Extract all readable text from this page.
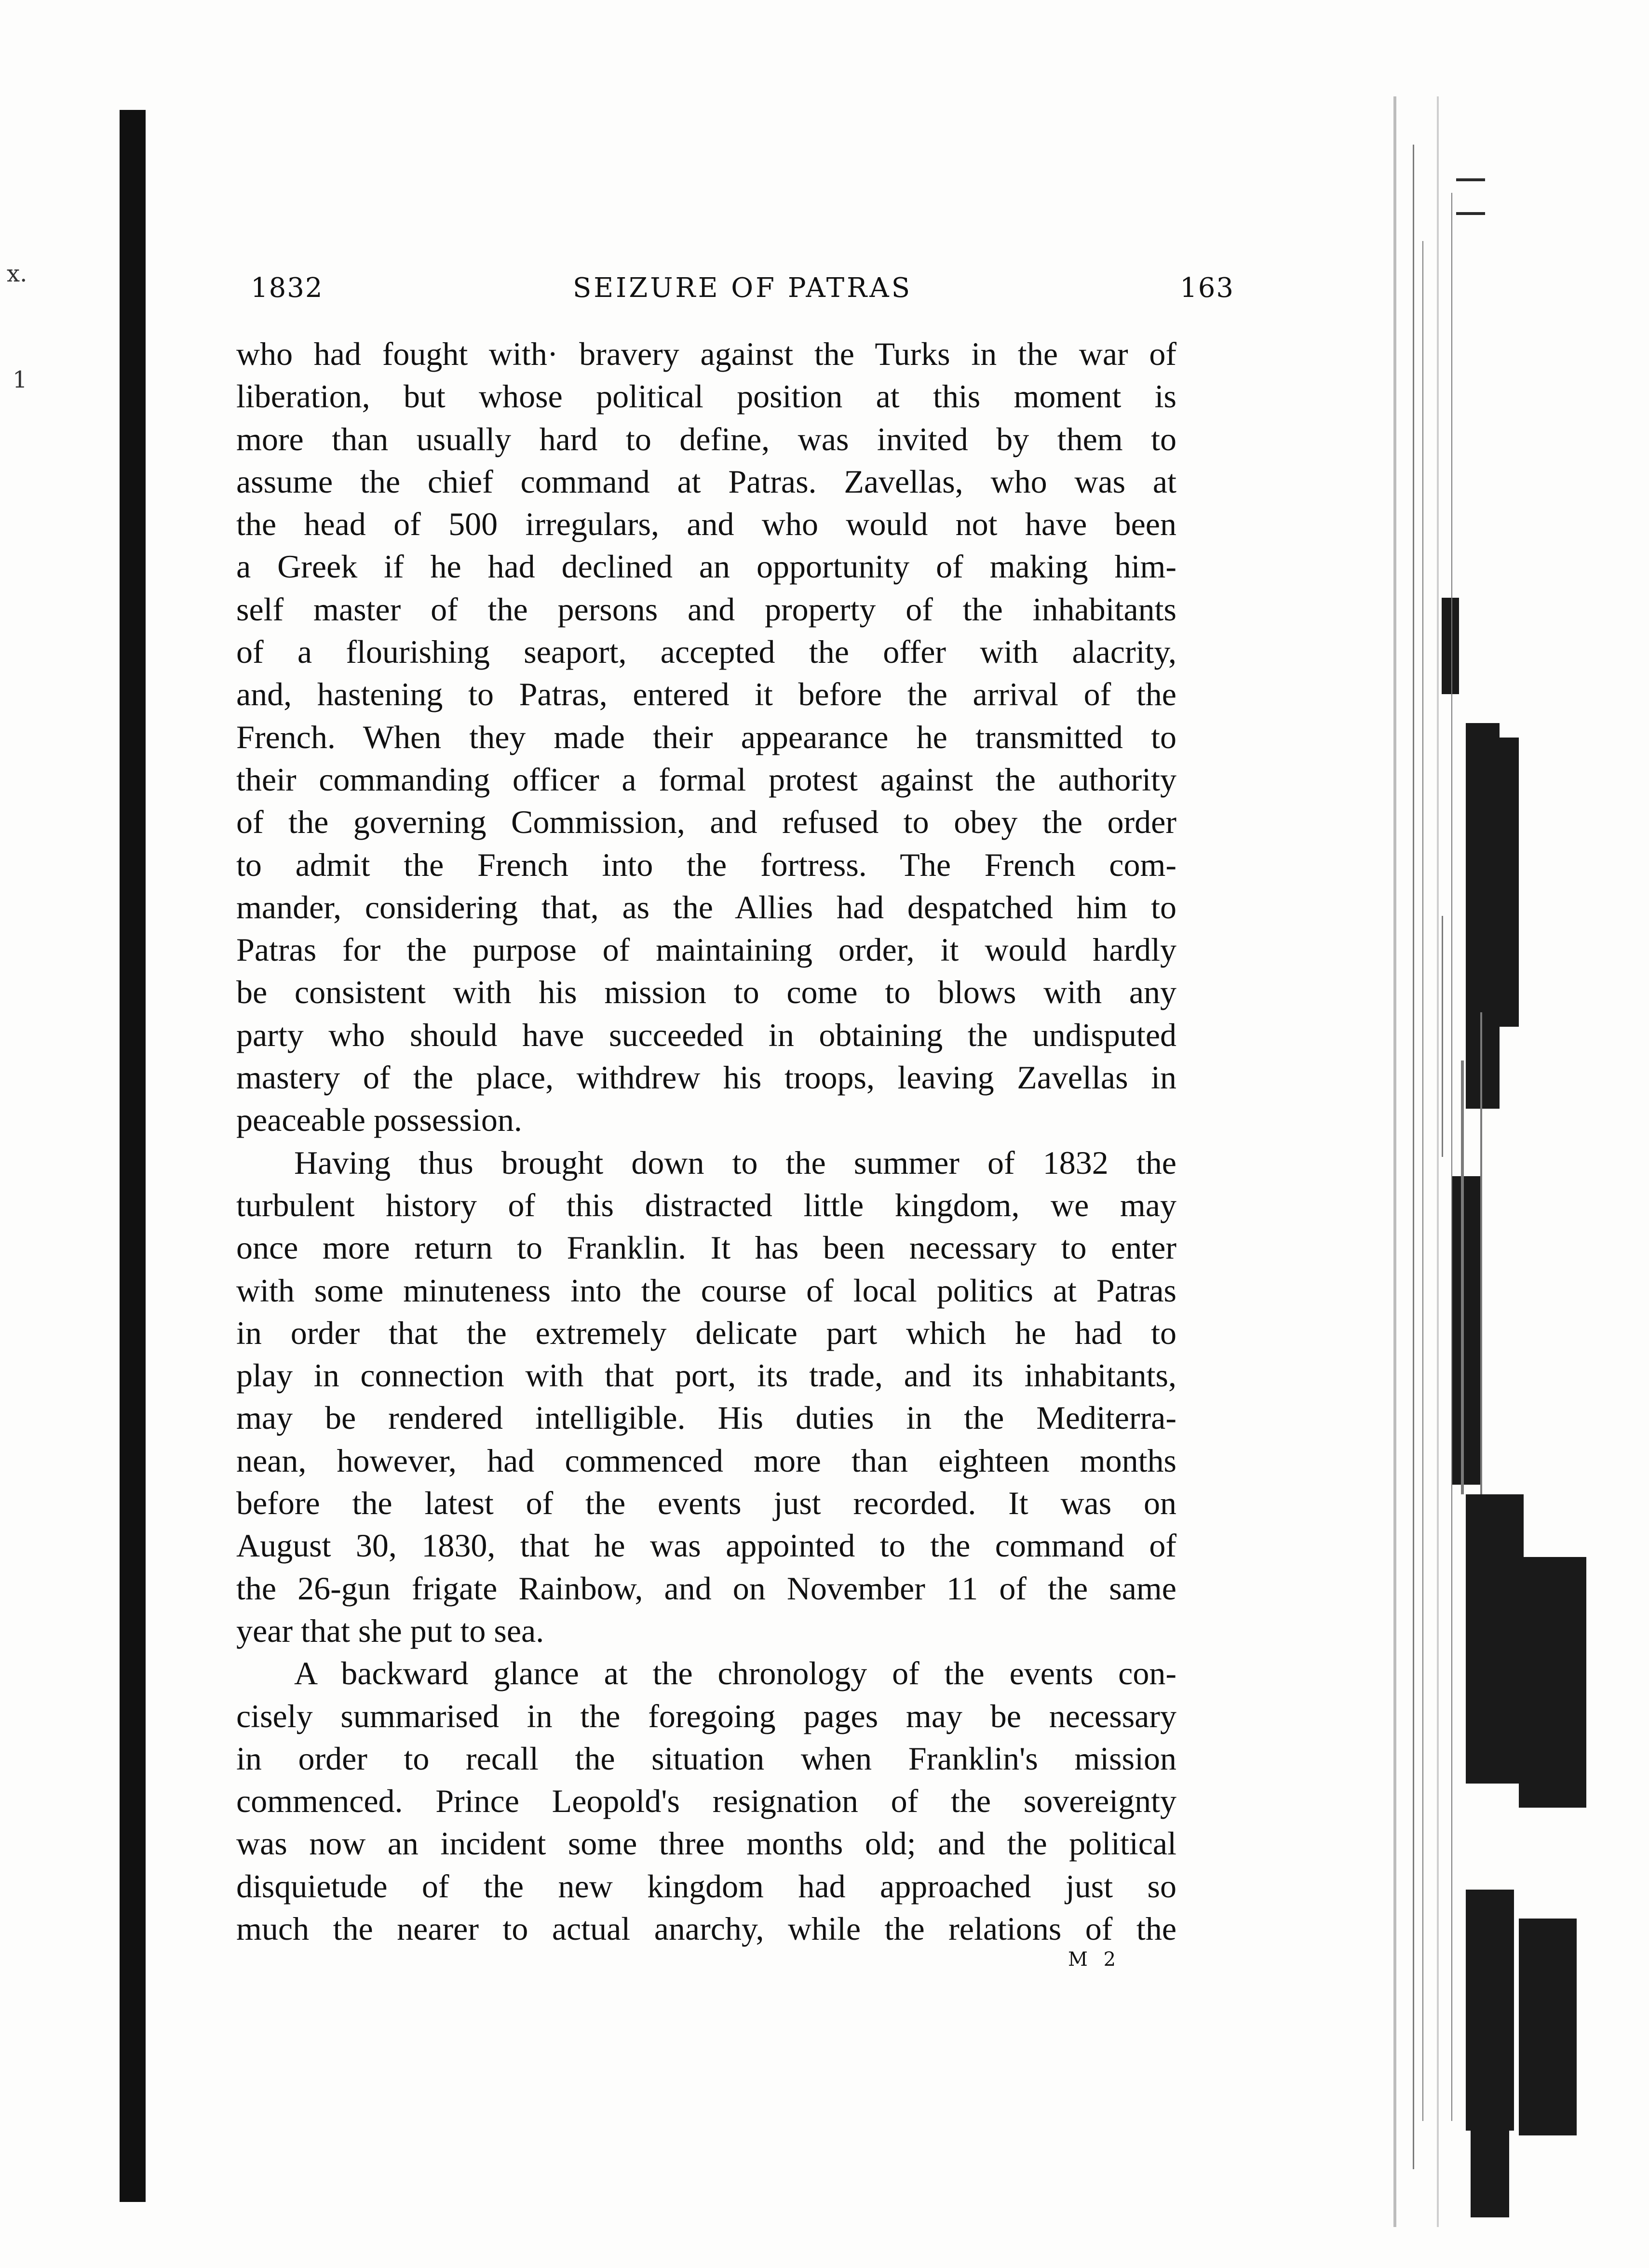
x.
1
1832	SEIZURE OF PATRAS	163
who had fought with· bravery against the Turks in the war of
liberation, but whose political position at this moment is
more than usually hard to define, was invited by them to
assume the chief command at Patras. Zavellas, who was at
the head of 500 irregulars, and who would not have been
a Greek if he had declined an opportunity of making him-
self master of the persons and property of the inhabitants
of a flourishing seaport, accepted the offer with alacrity,
and, hastening to Patras, entered it before the arrival of the
French. When they made their appearance he transmitted to
their commanding officer a formal protest against the authority
of the governing Commission, and refused to obey the order
to admit the French into the fortress. The French com-
mander, considering that, as the Allies had despatched him to
Patras for the purpose of maintaining order, it would hardly
be consistent with his mission to come to blows with any
party who should have succeeded in obtaining the undisputed
mastery of the place, withdrew his troops, leaving Zavellas in
peaceable possession.
Having thus brought down to the summer of 1832 the
turbulent history of this distracted little kingdom, we may
once more return to Franklin. It has been necessary to enter
with some minuteness into the course of local politics at Patras
in order that the extremely delicate part which he had to
play in connection with that port, its trade, and its inhabitants,
may be rendered intelligible. His duties in the Mediterra-
nean, however, had commenced more than eighteen months
before the latest of the events just recorded. It was on
August 30, 1830, that he was appointed to the command of
the 26-gun frigate Rainbow, and on November 11 of the same
year that she put to sea.
A backward glance at the chronology of the events con-
cisely summarised in the foregoing pages may be necessary
in order to recall the situation when Franklin's mission
commenced. Prince Leopold's resignation of the sovereignty
was now an incident some three months old; and the political
disquietude of the new kingdom had approached just so
much the nearer to actual anarchy, while the relations of the
M 2
